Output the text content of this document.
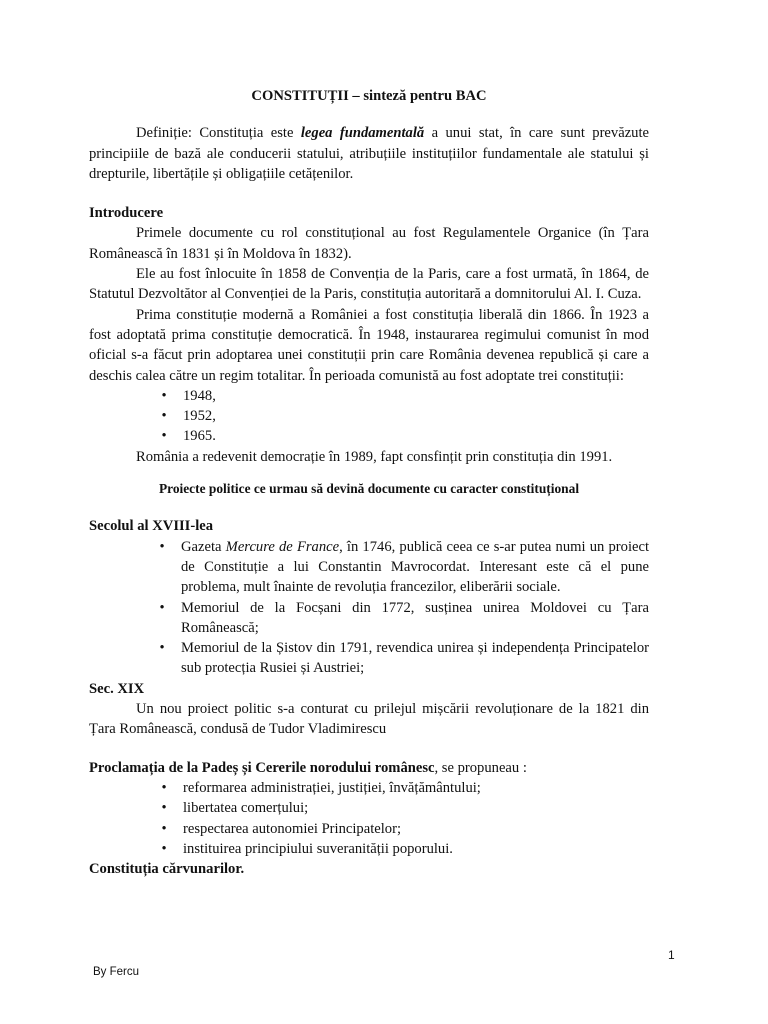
CONSTITUȚII – sinteză pentru BAC

Definiție: Constituția este legea fundamentală a unui stat, în care sunt prevăzute principiile de bază ale conducerii statului, atribuțiile instituțiilor fundamentale ale statului și drepturile, libertățile și obligațiile cetățenilor.

Introducere

Primele documente cu rol constituțional au fost Regulamentele Organice (în Țara Românească în 1831 și în Moldova în 1832).

Ele au fost înlocuite în 1858 de Convenția de la Paris, care a fost urmată, în 1864, de Statutul Dezvoltător al Convenției de la Paris, constituția autoritară a domnitorului Al. I. Cuza.

Prima constituție modernă a României a fost constituția liberală din 1866. În 1923 a fost adoptată prima constituție democratică. În 1948, instaurarea regimului comunist în mod oficial s-a făcut prin adoptarea unei constituții prin care România devenea republică și care a deschis calea către un regim totalitar. În perioada comunistă au fost adoptate trei constituții:

• 1948,
• 1952,
• 1965.

România a redevenit democrație în 1989, fapt consfințit prin constituția din 1991.

Proiecte politice ce urmau să devină documente cu caracter constituțional
Secolul al XVIII-lea
• Gazeta Mercure de France, în 1746, publică ceea ce s-ar putea numi un proiect de Constituție a lui Constantin Mavrocordat. Interesant este că el pune problema, mult înainte de revoluția francezilor, eliberării sociale.
• Memoriul de la Focșani din 1772, susținea unirea Moldovei cu Țara Românească;
• Memoriul de la Șistov din 1791, revendica unirea și independența Principatelor sub protecția Rusiei și Austriei;
Sec. XIX

Un nou proiect politic s-a conturat cu prilejul mișcării revoluționare de la 1821 din Țara Românească, condusă de Tudor Vladimirescu

Proclamația de la Padeș și Cererile norodului românesc, se propuneau :

• reformarea administrației, justiției, învățământului;
• libertatea comerțului;
• respectarea autonomiei Principatelor;
• instituirea principiului suveranității poporului.
Constituția cărvunarilor.
1
By Fercu
